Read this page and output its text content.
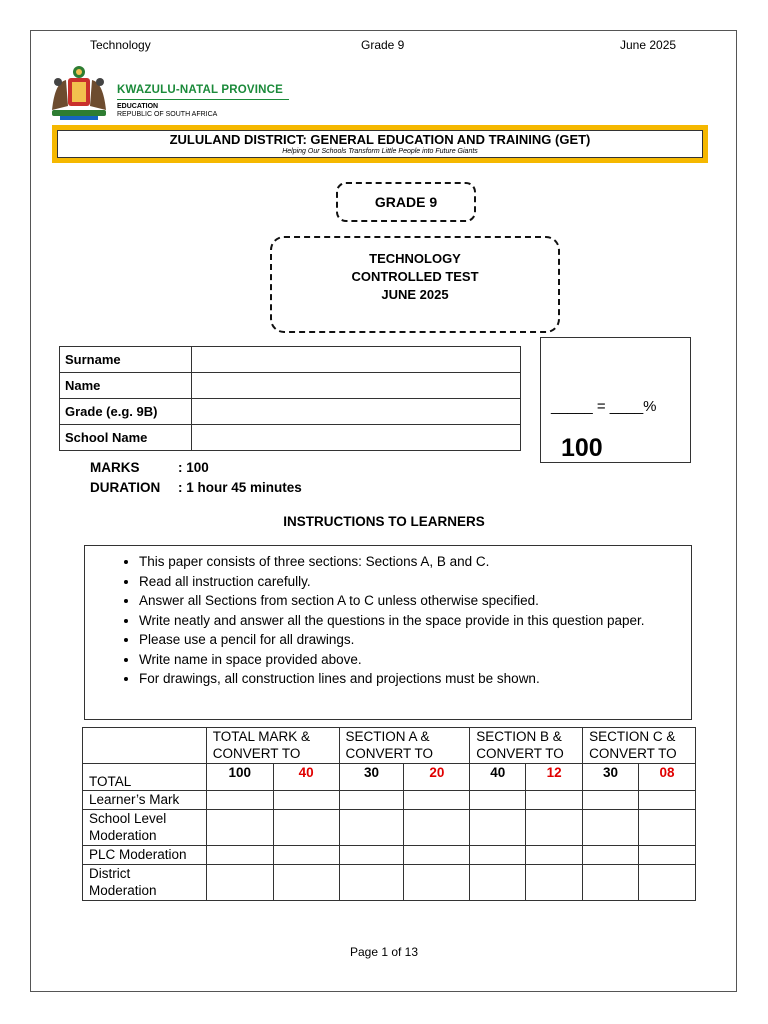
Technology	Grade 9	June 2025
KWAZULU-NATAL PROVINCE
EDUCATION
REPUBLIC OF SOUTH AFRICA
ZULULAND DISTRICT: GENERAL EDUCATION AND TRAINING (GET)
Helping Our Schools Transform Little People into Future Giants
GRADE 9
TECHNOLOGY
CONTROLLED TEST
JUNE 2025
Surname	
Name	
Grade (e.g. 9B)	
School Name	
_____ = ____%
100
MARKS	: 100
DURATION : 1 hour 45 minutes
INSTRUCTIONS TO LEARNERS
• This paper consists of three sections: Sections A, B and C.
• Read all instruction carefully.
• Answer all Sections from section A to C unless otherwise specified.
• Write neatly and answer all the questions in the space provide in this question paper.
• Please use a pencil for all drawings.
• Write name in space provided above.
• For drawings, all construction lines and projections must be shown.
	TOTAL MARK & CONVERT TO		SECTION A & CONVERT TO		SECTION B & CONVERT TO		SECTION C & CONVERT TO	
TOTAL	100	40	30	20	40	12	30	08
Learner’s Mark								
School Level Moderation								
PLC Moderation								
District Moderation								
Page 1 of 13
